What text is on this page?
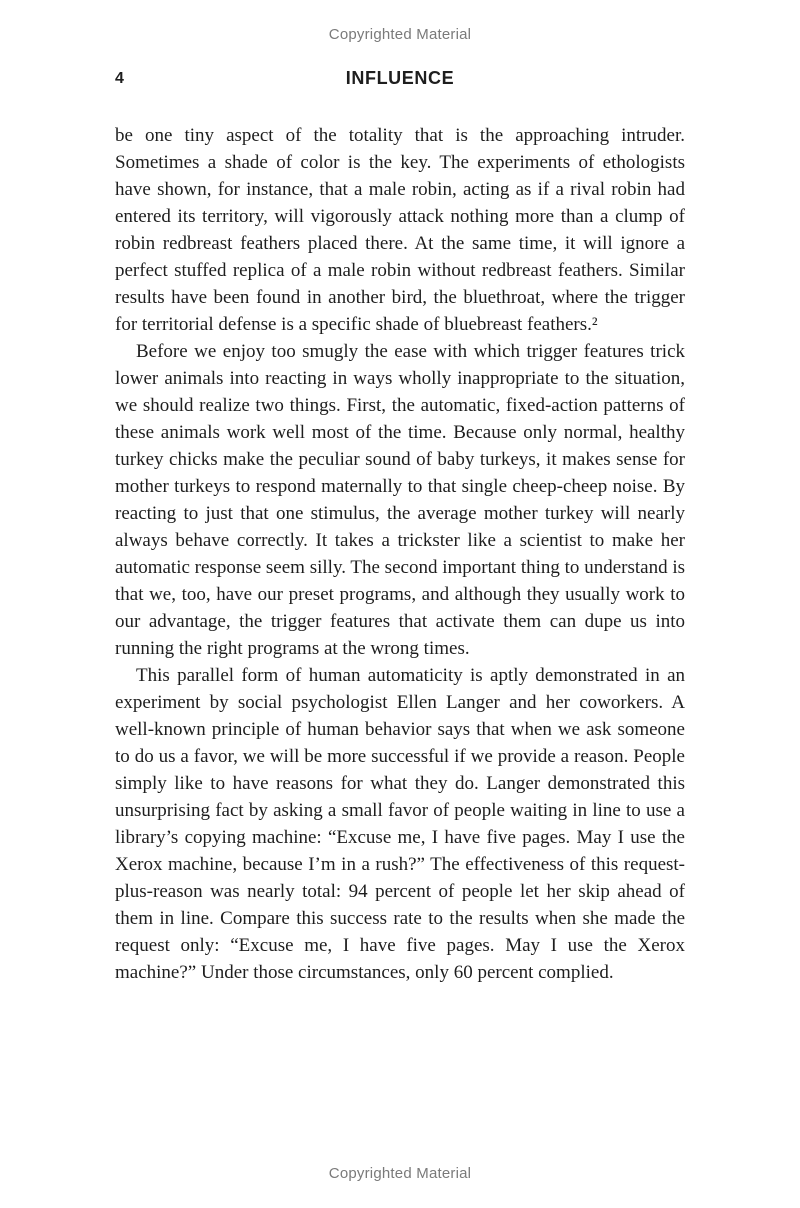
Copyrighted Material
4	INFLUENCE

be one tiny aspect of the totality that is the approaching intruder. Sometimes a shade of color is the key. The experiments of ethologists have shown, for instance, that a male robin, acting as if a rival robin had entered its territory, will vigorously attack nothing more than a clump of robin redbreast feathers placed there. At the same time, it will ignore a perfect stuffed replica of a male robin without redbreast feathers. Similar results have been found in another bird, the bluethroat, where the trigger for territorial defense is a specific shade of bluebreast feathers.²

Before we enjoy too smugly the ease with which trigger features trick lower animals into reacting in ways wholly inappropriate to the situation, we should realize two things. First, the automatic, fixed-action patterns of these animals work well most of the time. Because only normal, healthy turkey chicks make the peculiar sound of baby turkeys, it makes sense for mother turkeys to respond maternally to that single cheep-cheep noise. By reacting to just that one stimulus, the average mother turkey will nearly always behave correctly. It takes a trickster like a scientist to make her automatic response seem silly. The second important thing to understand is that we, too, have our preset programs, and although they usually work to our advantage, the trigger features that activate them can dupe us into running the right programs at the wrong times.

This parallel form of human automaticity is aptly demonstrated in an experiment by social psychologist Ellen Langer and her coworkers. A well-known principle of human behavior says that when we ask someone to do us a favor, we will be more successful if we provide a reason. People simply like to have reasons for what they do. Langer demonstrated this unsurprising fact by asking a small favor of people waiting in line to use a library’s copying machine: “Excuse me, I have five pages. May I use the Xerox machine, because I’m in a rush?” The effectiveness of this request-plus-reason was nearly total: 94 percent of people let her skip ahead of them in line. Compare this success rate to the results when she made the request only: “Excuse me, I have five pages. May I use the Xerox machine?” Under those circumstances, only 60 percent complied.

Copyrighted Material
